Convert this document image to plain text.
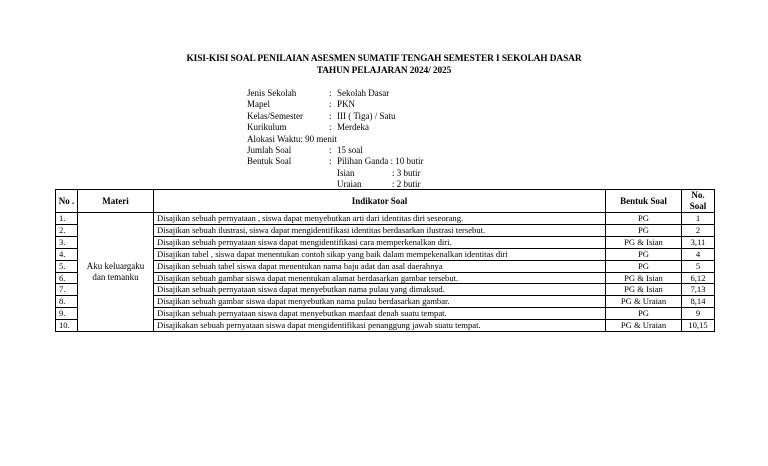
KISI-KISI SOAL PENILAIAN ASESMEN SUMATIF TENGAH SEMESTER I SEKOLAH DASAR
TAHUN PELAJARAN 2024/ 2025
Jenis Sekolah	: Sekolah Dasar
Mapel	: PKN
Kelas/Semester	: III ( Tiga) / Satu
Kurikulum	: Merdeka
Alokasi Waktu: 90 menit
Jumlah Soal	: 15 soal
Bentuk Soal	: Pilihan Ganda : 10 butir
Isian	: 3 butir
Uraian	: 2 butir
No .	Materi	Indikator Soal	Bentuk Soal	No. Soal
1.	Aku keluargaku dan temanku	Disajikan sebuah pernyataan , siswa dapat menyebutkan arti dari identitas diri seseorang.	PG	1
2.		Disajikan sebuah ilustrasi, siswa dapat mengidentifikasi identitas berdasarkan ilustrasi tersebut.	PG	2
3.		Disajikan sebuah pernyataan siswa dapat mengidentifikasi cara memperkenalkan diri.	PG & Isian	3,11
4.		Disajikan tabel , siswa dapat menentukan contoh sikap yang baik dalam mempekenalkan identitas diri	PG	4
5.		Disajikan sebuah tabel siswa dapat menentukan nama baju adat dan asal daerahnya	PG	5
6.		Disajikan sebuah gambar siswa dapat menentukan alamat berdasarkan gambar tersebut.	PG & Isian	6,12
7.		Disajikan sebuah pernyataan siswa dapat menyebutkan nama pulau yang dimaksud.	PG & Isian	7,13
8.		Disajikan sebuah gambar siswa dapat menyebutkan nama pulau berdasarkan gambar.	PG & Uraian	8,14
9.		Disajikan sebuah pernyataan siswa dapat menyebutkan manfaat denah suatu tempat.	PG	9
10.		Disajikakan sebuah pernyataan siswa dapat mengidentifikasi penanggung jawab suatu tempat.	PG & Uraian	10,15
